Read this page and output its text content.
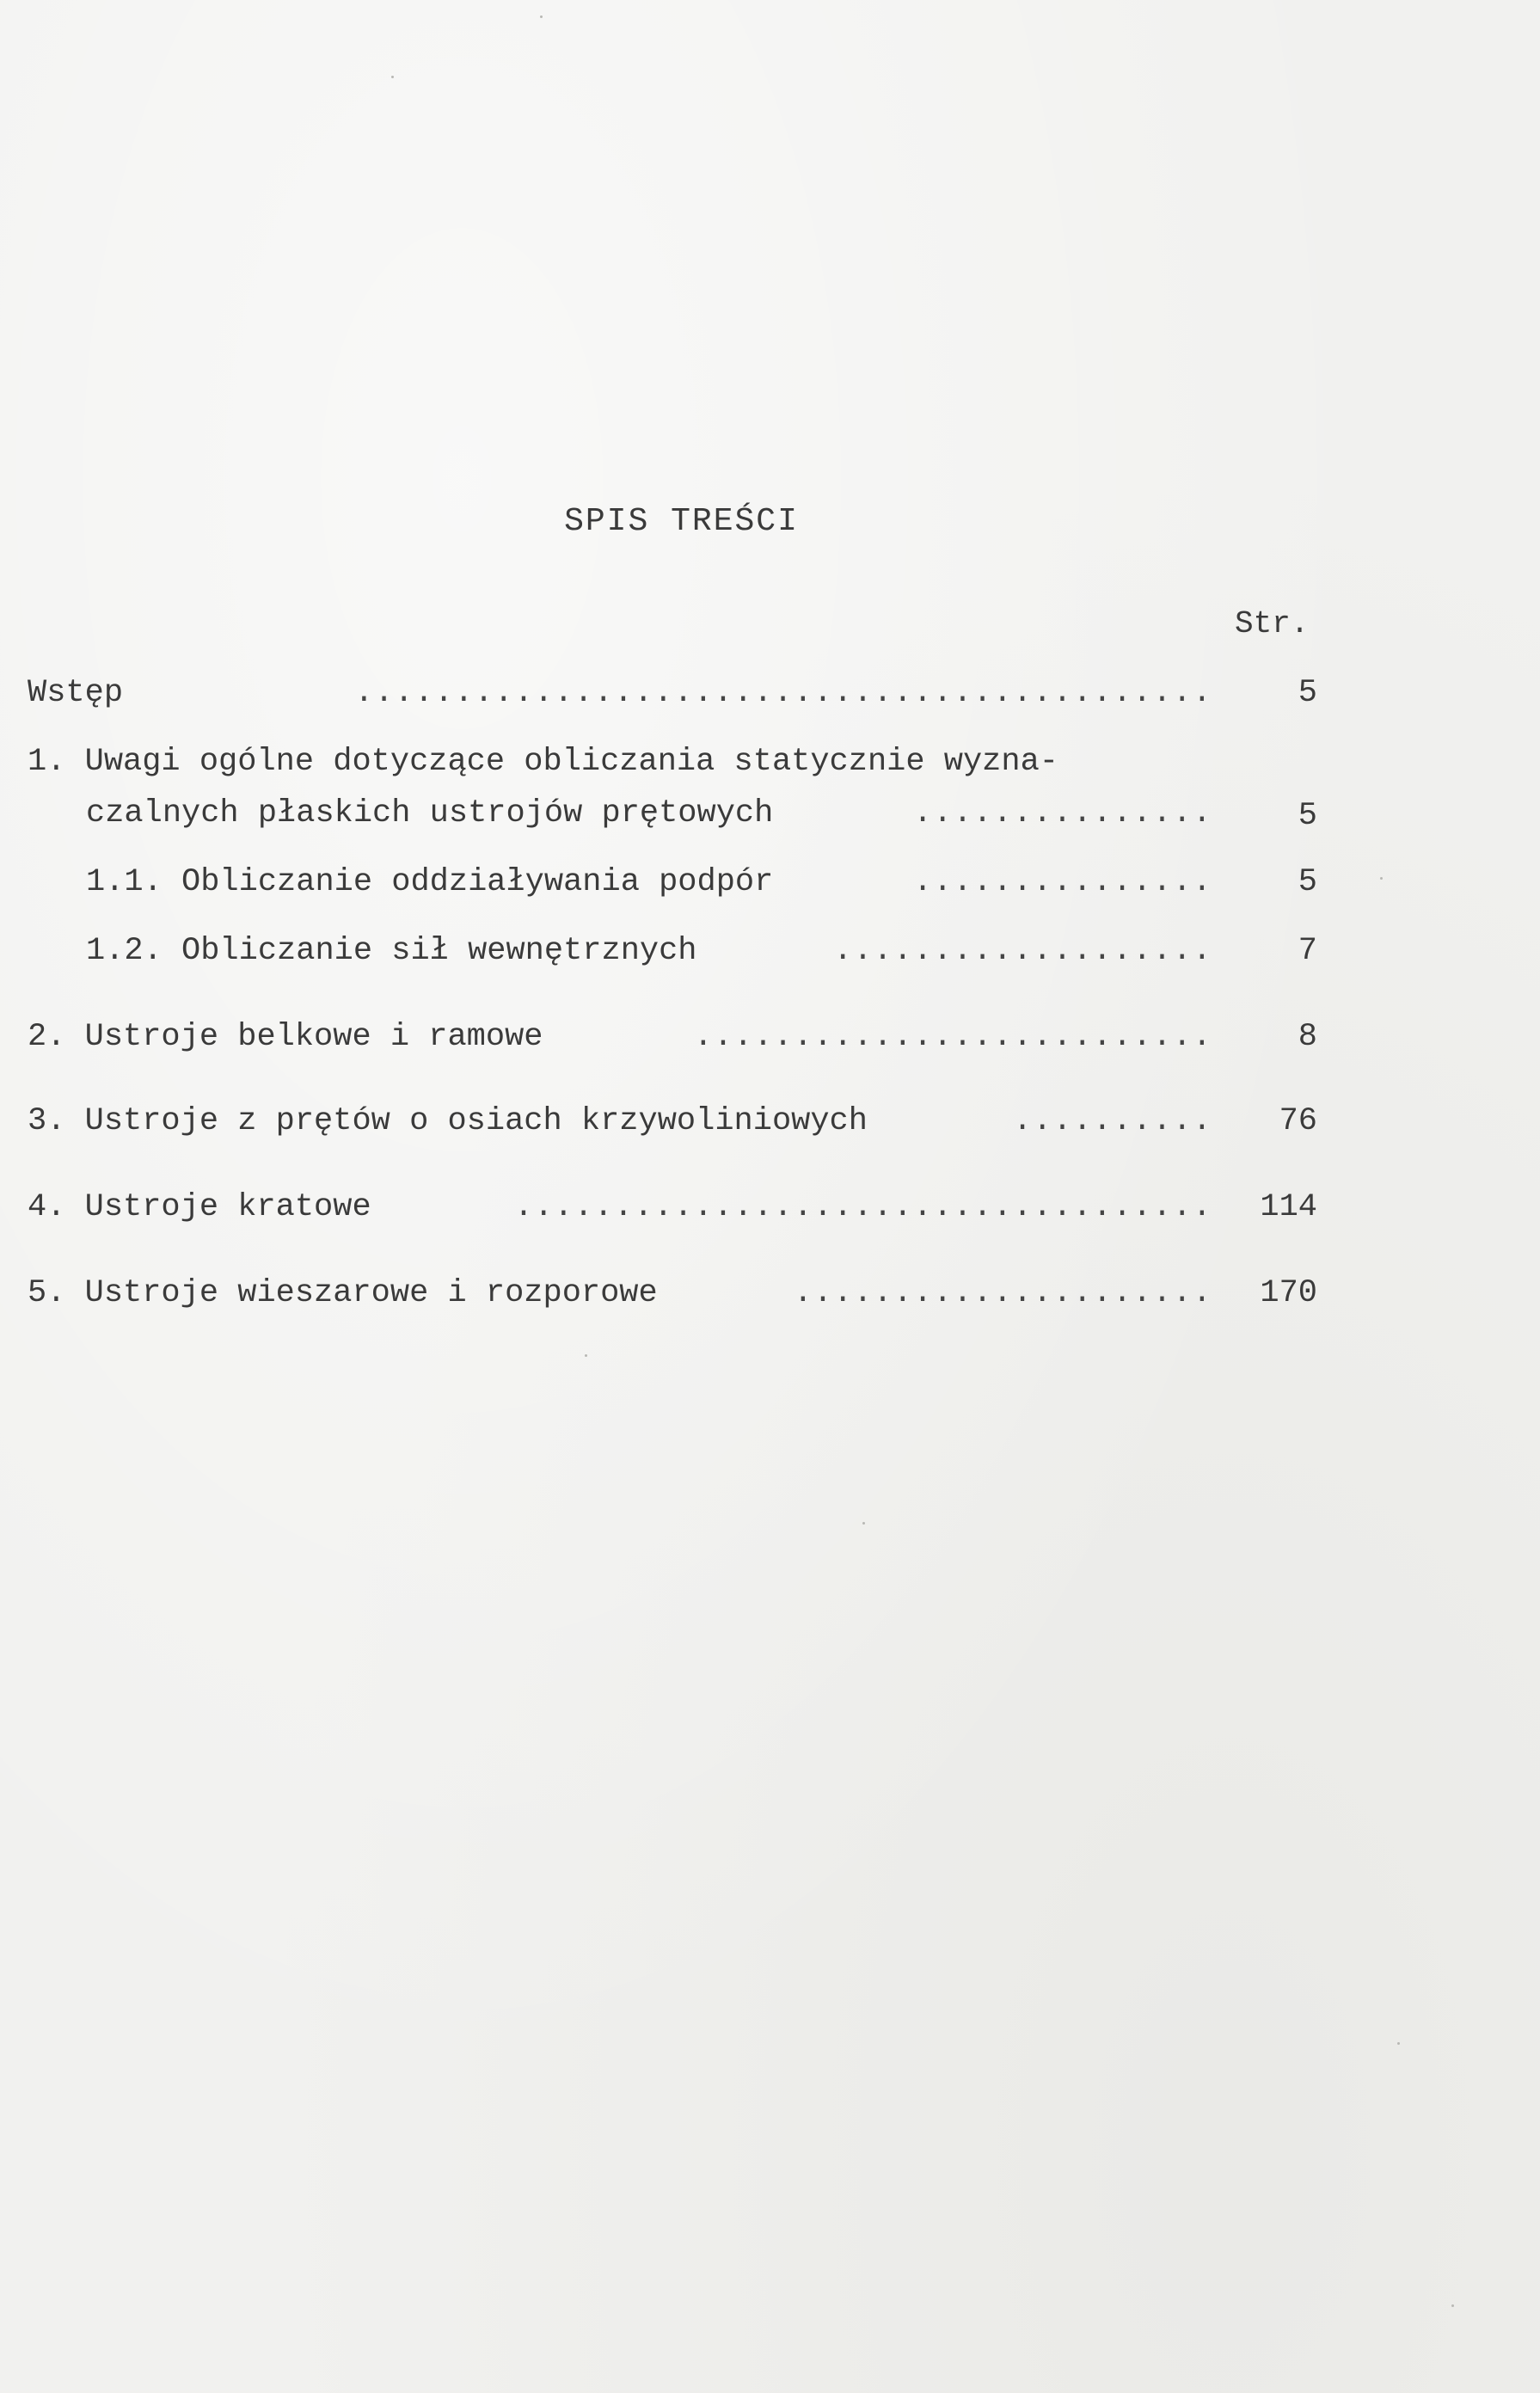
SPIS TREŚCI
Str.
Wstęp	...........................................	5
1. Uwagi ogólne dotyczące obliczania statycznie wyzna-
czalnych płaskich ustrojów prętowych	...............	5
1.1. Obliczanie oddziaływania podpór	...............	5
1.2. Obliczanie sił wewnętrznych	...................	7
2. Ustroje belkowe i ramowe	..........................	8
3. Ustroje z prętów o osiach krzywoliniowych	..........	76
4. Ustroje kratowe	...................................	114
5. Ustroje wieszarowe i rozporowe	.....................	170
